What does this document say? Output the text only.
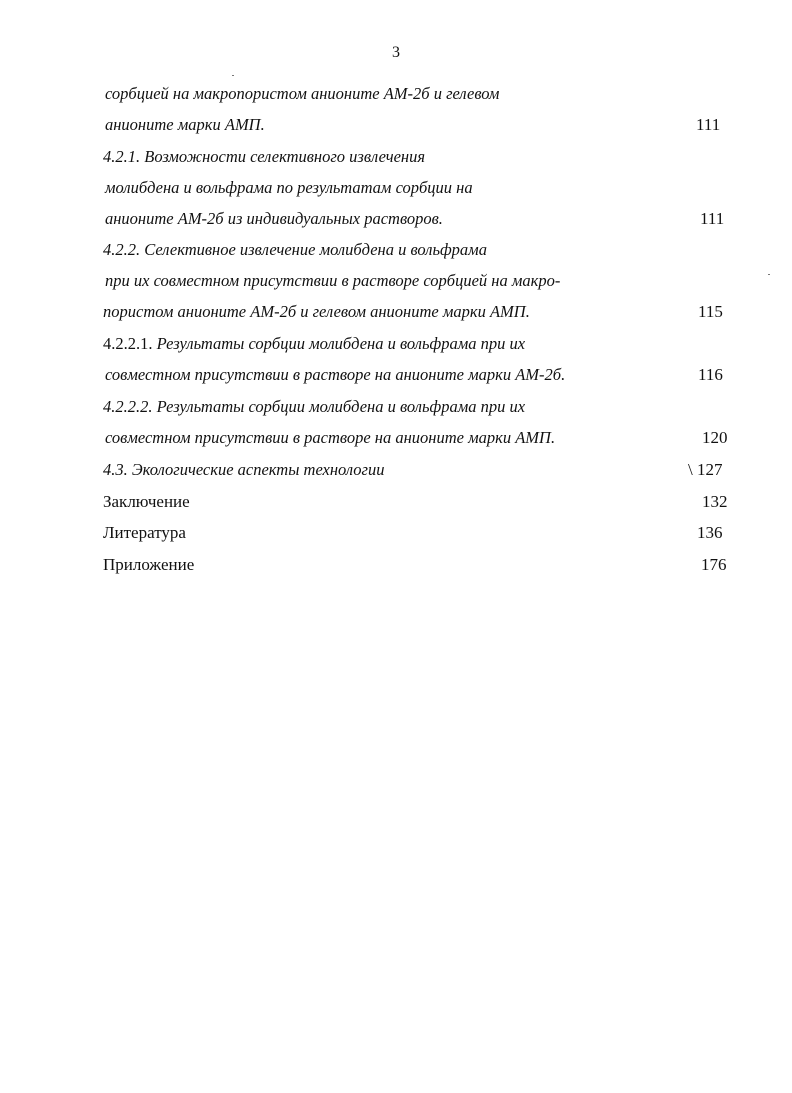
3
сорбцией на макропористом анионите АМ-2б и гелевом
анионите марки АМП.	111
4.2.1. Возможности селективного извлечения
молибдена и вольфрама по результатам сорбции на
анионите АМ-2б из индивидуальных растворов.	111
4.2.2. Селективное извлечение молибдена и вольфрама
при их совместном присутствии в растворе сорбцией на макро-
пористом анионите АМ-2б и гелевом анионите марки АМП.	115
4.2.2.1. Результаты сорбции молибдена и вольфрама при их
совместном присутствии в растворе на анионите марки АМ-2б.	116
4.2.2.2. Результаты сорбции молибдена и вольфрама при их
совместном присутствии в растворе на анионите марки АМП.	120
4.3. Экологические аспекты технологии	\ 127
Заключение	132
Литература	136
Приложение	176
